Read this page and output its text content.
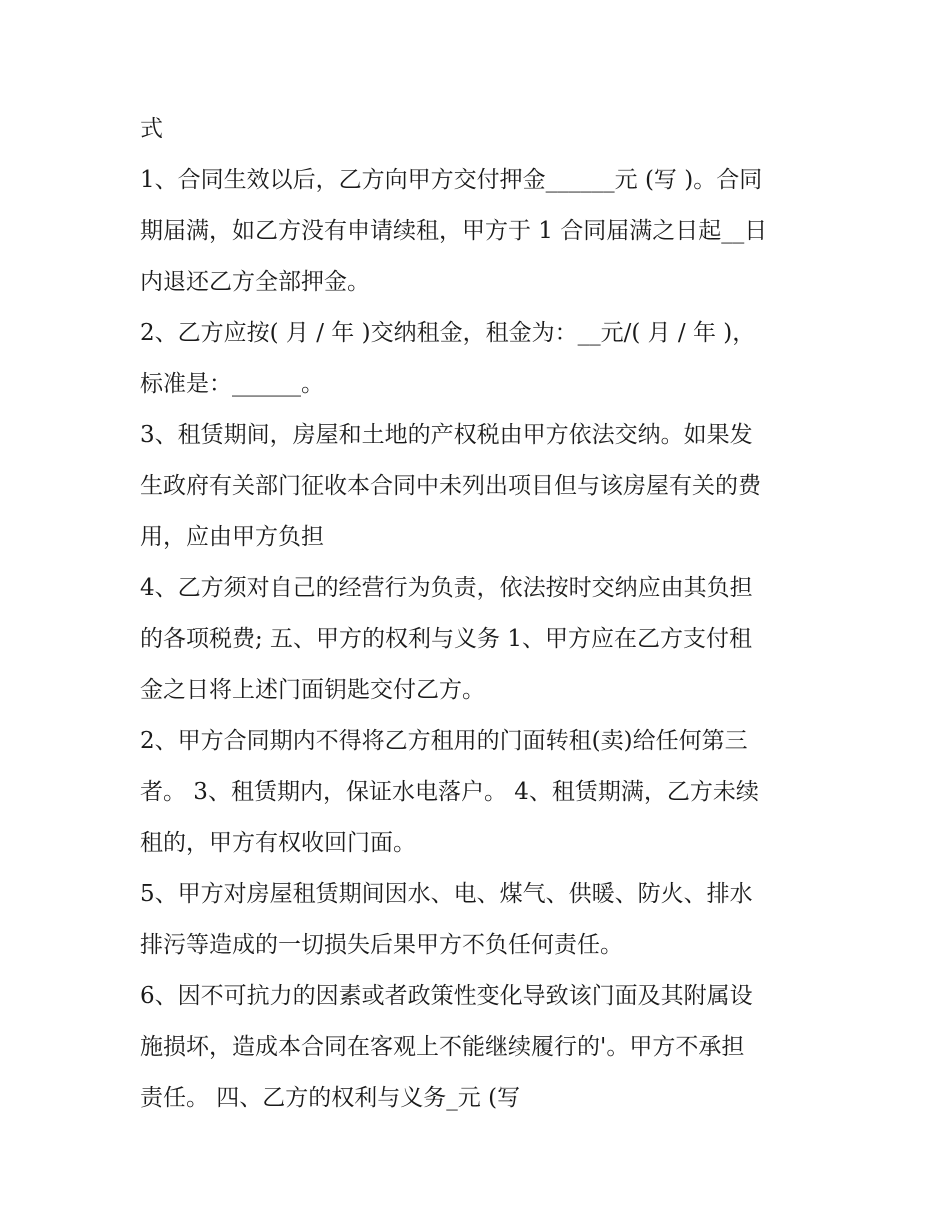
式
1、合同生效以后，乙方向甲方交付押金______元 (写 )。合同
期届满，如乙方没有申请续租，甲方于 1 合同届满之日起__日
内退还乙方全部押金。
2、乙方应按( 月 / 年 )交纳租金，租金为：__元/( 月 / 年 )，
标准是：______。
3、租赁期间，房屋和土地的产权税由甲方依法交纳。如果发
生政府有关部门征收本合同中未列出项目但与该房屋有关的费
用，应由甲方负担
4、乙方须对自己的经营行为负责，依法按时交纳应由其负担
的各项税费; 五、甲方的权利与义务 1、甲方应在乙方支付租
金之日将上述门面钥匙交付乙方。
2、甲方合同期内不得将乙方租用的门面转租(卖)给任何第三
者。 3、租赁期内，保证水电落户。 4、租赁期满，乙方未续
租的，甲方有权收回门面。
5、甲方对房屋租赁期间因水、电、煤气、供暖、防火、排水
排污等造成的一切损失后果甲方不负任何责任。
6、因不可抗力的因素或者政策性变化导致该门面及其附属设
施损坏，造成本合同在客观上不能继续履行的'。甲方不承担
责任。 四、乙方的权利与义务_元 (写
